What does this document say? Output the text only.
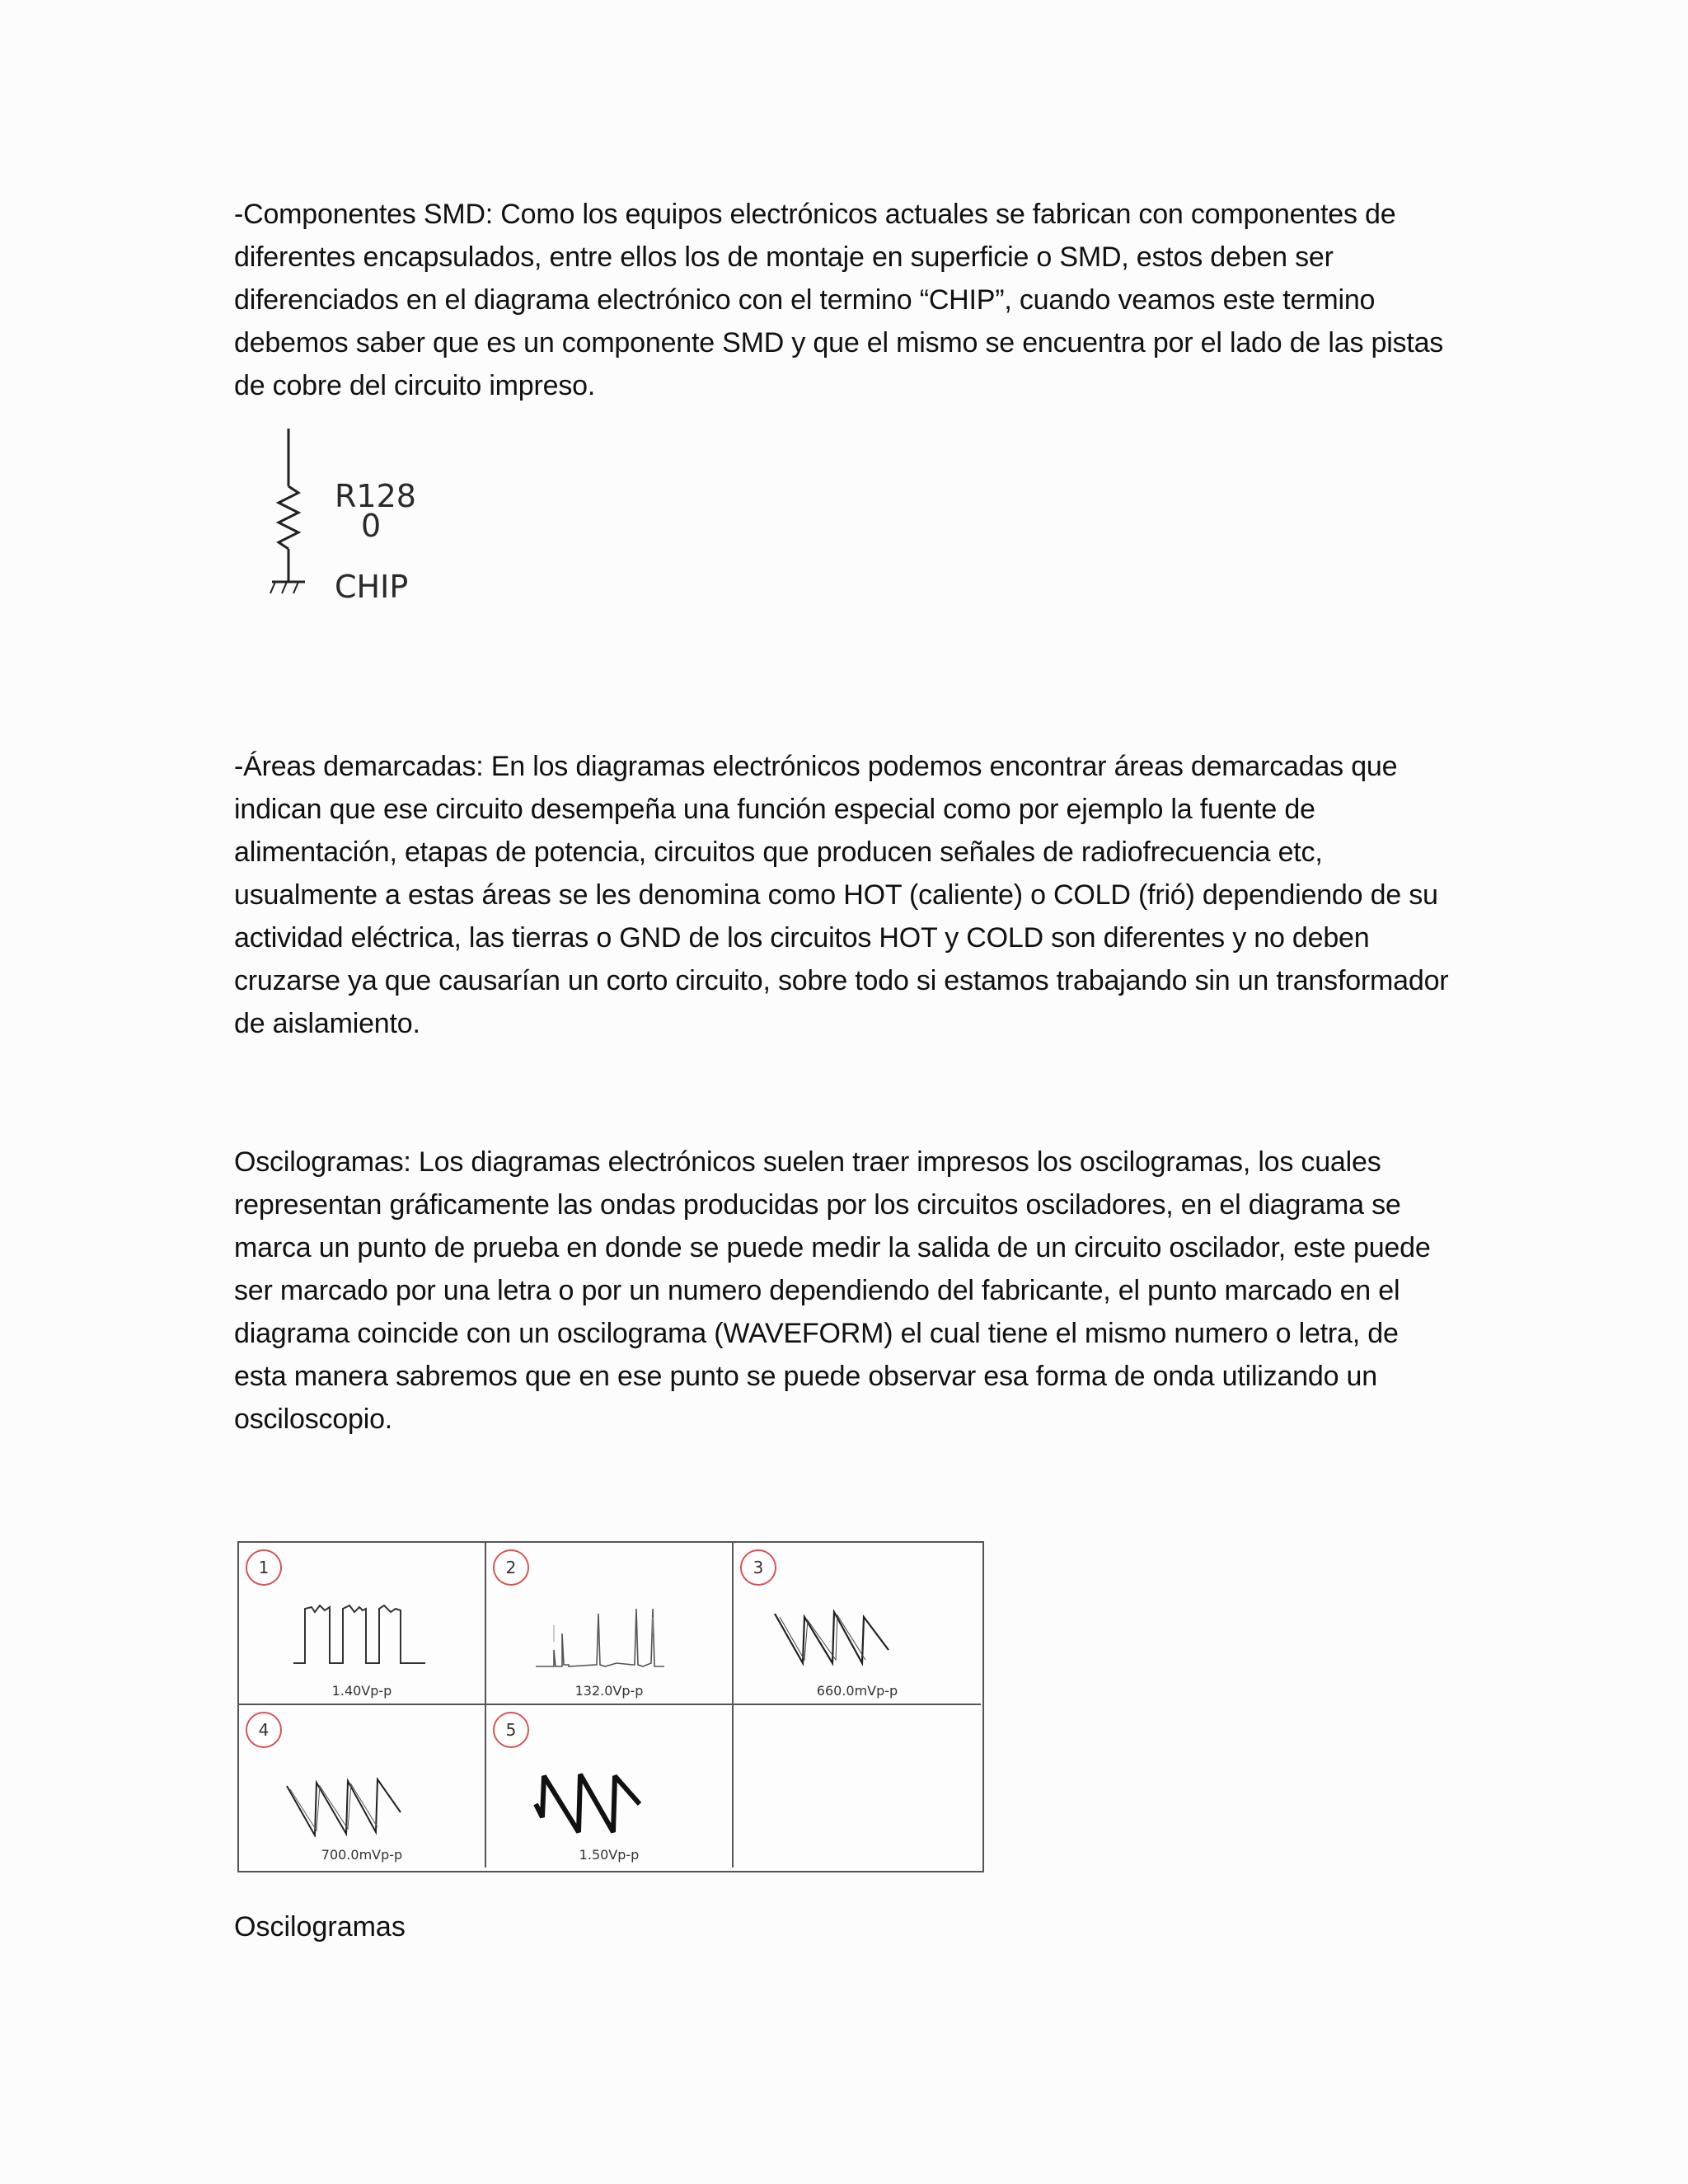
-Componentes SMD: Como los equipos electrónicos actuales se fabrican con componentes de diferentes encapsulados, entre ellos los de montaje en superficie o SMD, estos deben ser diferenciados en el diagrama electrónico con el termino “CHIP”, cuando veamos este termino debemos saber que es un componente SMD y que el mismo se encuentra por el lado de las pistas de cobre del circuito impreso.

R128
0
CHIP

-Áreas demarcadas: En los diagramas electrónicos podemos encontrar áreas demarcadas que indican que ese circuito desempeña una función especial como por ejemplo la fuente de alimentación, etapas de potencia, circuitos que producen señales de radiofrecuencia etc, usualmente a estas áreas se les denomina como HOT (caliente) o COLD (frió) dependiendo de su actividad eléctrica, las tierras o GND de los circuitos HOT y COLD son diferentes y no deben cruzarse ya que causarían un corto circuito, sobre todo si estamos trabajando sin un transformador de aislamiento.

Oscilogramas: Los diagramas electrónicos suelen traer impresos los oscilogramas, los cuales representan gráficamente las ondas producidas por los circuitos osciladores, en el diagrama se marca un punto de prueba en donde se puede medir la salida de un circuito oscilador, este puede ser marcado por una letra o por un numero dependiendo del fabricante, el punto marcado en el diagrama coincide con un oscilograma (WAVEFORM) el cual tiene el mismo numero o letra, de esta manera sabremos que en ese punto se puede observar esa forma de onda utilizando un osciloscopio.

1
1.40Vp-p
2
132.0Vp-p
3
660.0mVp-p
4
700.0mVp-p
5
1.50Vp-p

Oscilogramas
